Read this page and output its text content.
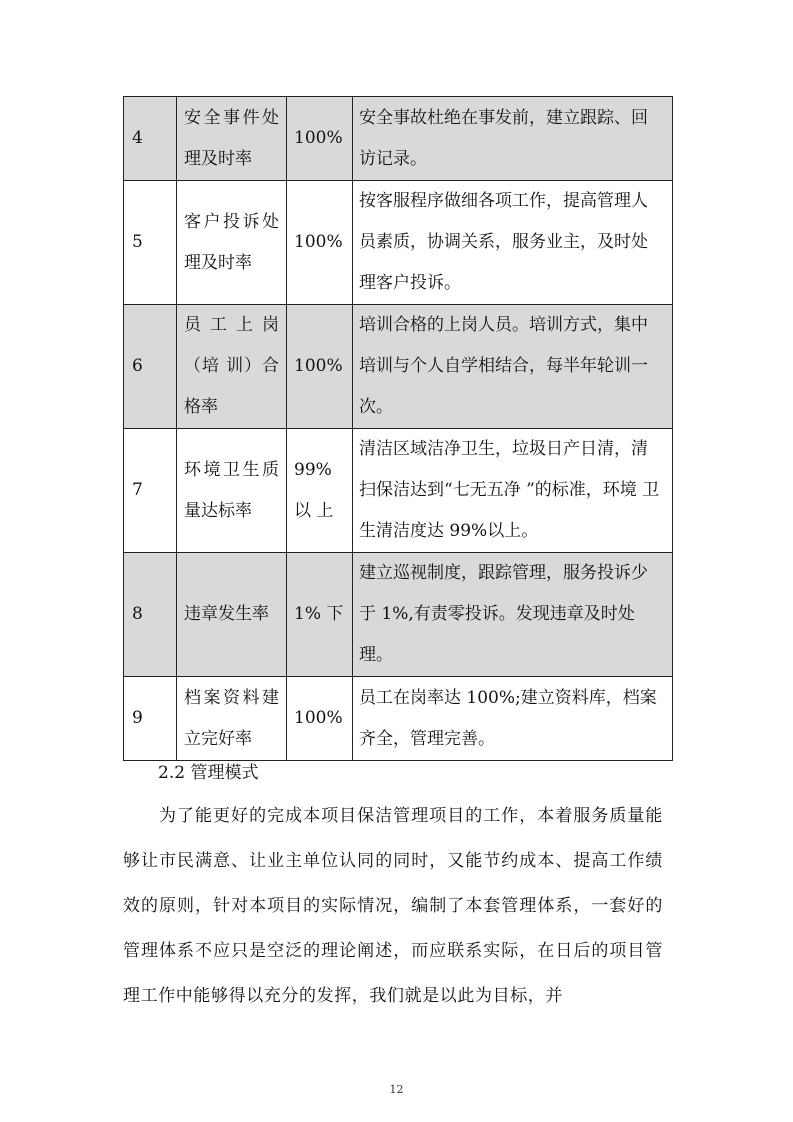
4	安全事件处理及时率	100%	安全事故杜绝在事发前，建立跟踪、回 访记录。
5	客户投诉处理及时率	100%	按客服程序做细各项工作，提高管理人 员素质，协调关系，服务业主，及时处 理客户投诉。
6	员 工 上 岗（培 训）合格率	100%	培训合格的上岗人员。培训方式，集中 培训与个人自学相结合，每半年轮训一 次。
7	环境卫生质量达标率	99% 以 上	清洁区域洁净卫生，垃圾日产日清，清 扫保洁达到“七无五净 ”的标准，环境 卫生清洁度达 99%以上。
8	违章发生率	1% 下	建立巡视制度，跟踪管理，服务投诉少 于 1%,有责零投诉。发现违章及时处理。
9	档案资料建立完好率	100%	员工在岗率达 100%;建立资料库，档案齐全，管理完善。

2.2 管理模式

为了能更好的完成本项目保洁管理项目的工作，本着服务质量能够让市民满意、让业主单位认同的同时，又能节约成本、提高工作绩效的原则，针对本项目的实际情况，编制了本套管理体系，一套好的管理体系不应只是空泛的理论阐述，而应联系实际，在日后的项目管理工作中能够得以充分的发挥，我们就是以此为目标，并

12
